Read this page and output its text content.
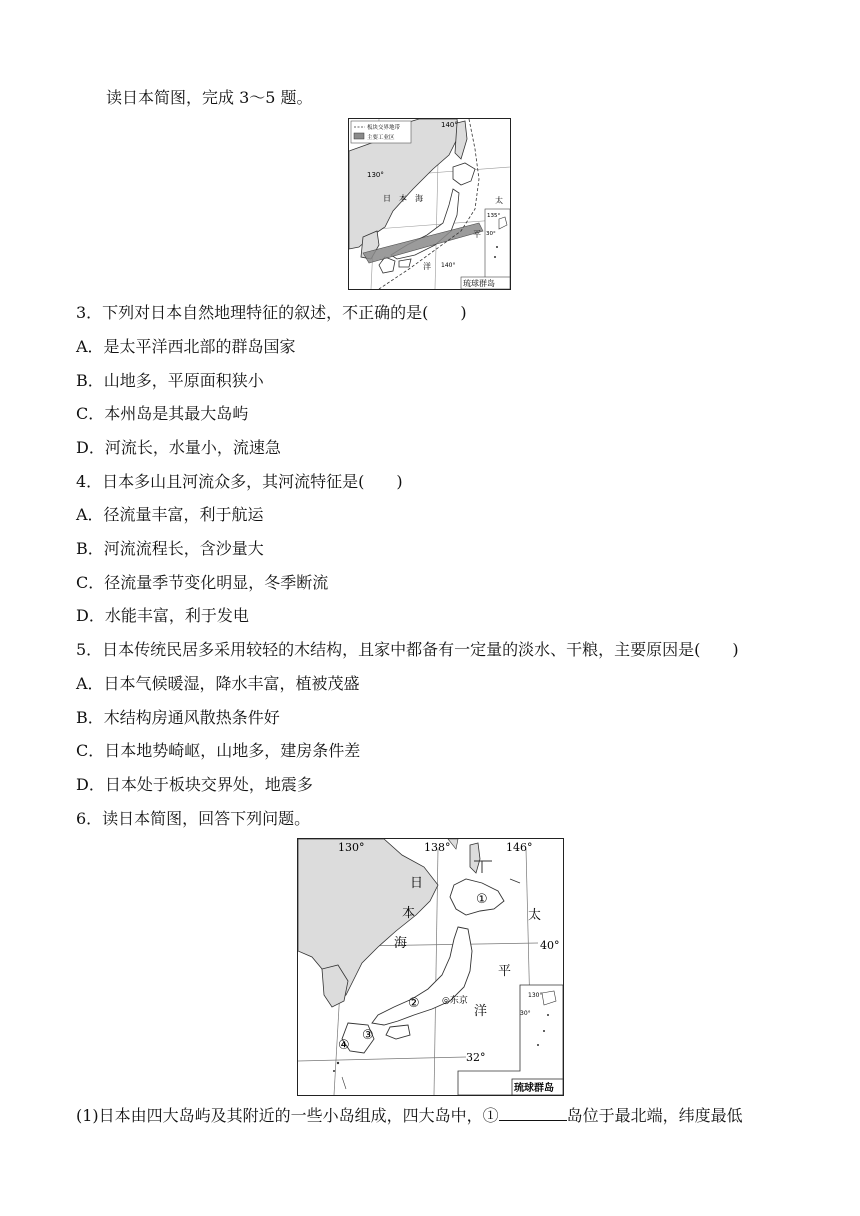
读日本简图，完成 3～5 题。
板块交界地带
主要工业区
140°
130°
日 本 海	太
平
洋 140°
135°
30°
琉球群岛
3．下列对日本自然地理特征的叙述，不正确的是(　　)
A．是太平洋西北部的群岛国家
B．山地多，平原面积狭小
C．本州岛是其最大岛屿
D．河流长，水量小，流速急
4．日本多山且河流众多，其河流特征是(　　)
A．径流量丰富，利于航运
B．河流流程长，含沙量大
C．径流量季节变化明显，冬季断流
D．水能丰富，利于发电
5．日本传统民居多采用较轻的木结构，且家中都备有一定量的淡水、干粮，主要原因是(　　)
A．日本气候暖湿，降水丰富，植被茂盛
B．木结构房通风散热条件好
C．日本地势崎岖，山地多，建房条件差
D．日本处于板块交界处，地震多
6．读日本简图，回答下列问题。
130°	138°	146°
40°
32°
日
本
海
太
平
洋
①
②
③
④
◎东京
130°
30°
琉球群岛
(1)日本由四大岛屿及其附近的一些小岛组成，四大岛中，①	岛位于最北端，纬度最低
